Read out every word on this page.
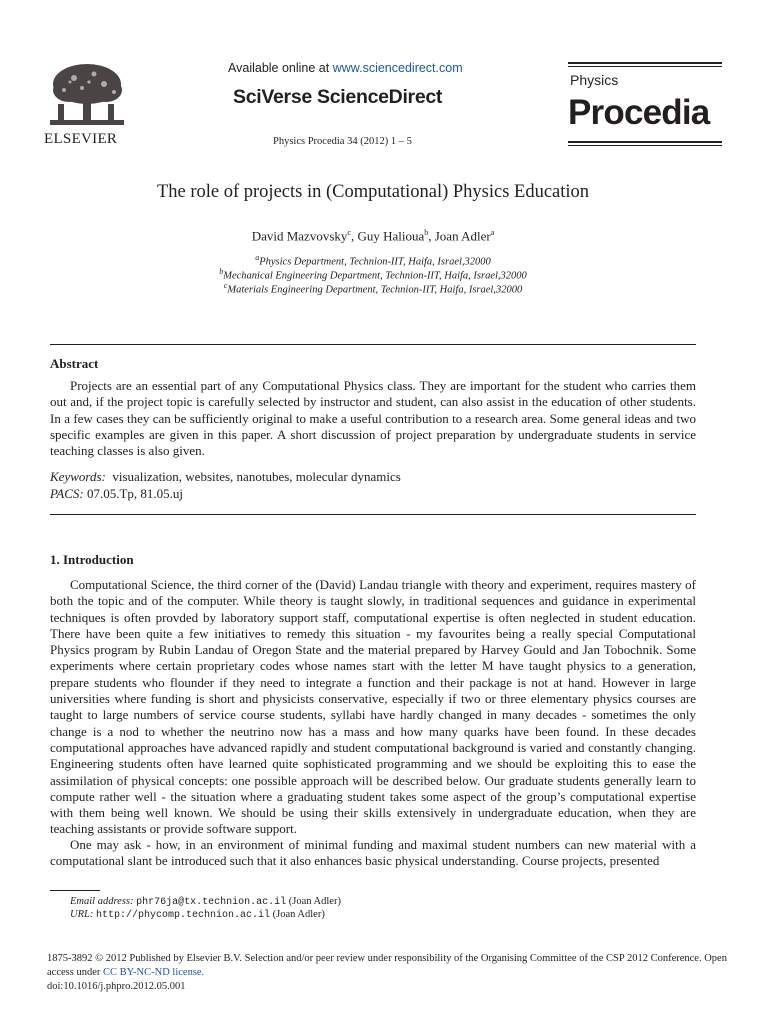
ELSEVIER
Available online at www.sciencedirect.com
SciVerse ScienceDirect
Physics Procedia 34 (2012) 1 – 5
Physics
Procedia
The role of projects in (Computational) Physics Education
David Mazvovsky$^c$, Guy Halioua$^b$, Joan Adler$^a$
$^a$Physics Department, Technion-IIT, Haifa, Israel,32000
$^b$Mechanical Engineering Department, Technion-IIT, Haifa, Israel,32000
$^c$Materials Engineering Department, Technion-IIT, Haifa, Israel,32000
Abstract

Projects are an essential part of any Computational Physics class. They are important for the student who carries them out and, if the project topic is carefully selected by instructor and student, can also assist in the education of other students. In a few cases they can be sufficiently original to make a useful contribution to a research area. Some general ideas and two specific examples are given in this paper. A short discussion of project preparation by undergraduate students in service teaching classes is also given.

Keywords: visualization, websites, nanotubes, molecular dynamics
PACS: 07.05.Tp, 81.05.uj
1. Introduction

Computational Science, the third corner of the (David) Landau triangle with theory and experiment, requires mastery of both the topic and of the computer. While theory is taught slowly, in traditional sequences and guidance in experimental techniques is often provded by laboratory support staff, computational expertise is often neglected in student education. There have been quite a few initiatives to remedy this situation - my favourites being a really special Computational Physics program by Rubin Landau of Oregon State and the material prepared by Harvey Gould and Jan Tobochnik. Some experiments where certain proprietary codes whose names start with the letter M have taught physics to a generation, prepare students who flounder if they need to integrate a function and their package is not at hand. However in large universities where funding is short and physicists conservative, especially if two or three elementary physics courses are taught to large numbers of service course students, syllabi have hardly changed in many decades - sometimes the only change is a nod to whether the neutrino now has a mass and how many quarks have been found. In these decades computational approaches have advanced rapidly and student computational background is varied and constantly changing. Engineering students often have learned quite sophisticated programming and we should be exploiting this to ease the assimilation of physical concepts: one possible approach will be described below. Our graduate students generally learn to compute rather well - the situation where a graduating student takes some aspect of the group’s computational expertise with them being well known. We should be using their skills extensively in undergraduate education, when they are teaching assistants or provide software support.

One may ask - how, in an environment of minimal funding and maximal student numbers can new material with a computational slant be introduced such that it also enhances basic physical understanding. Course projects, presented

Email address: phr76ja@tx.technion.ac.il (Joan Adler)
URL: http://phycomp.technion.ac.il (Joan Adler)
1875-3892 © 2012 Published by Elsevier B.V. Selection and/or peer review under responsibility of the Organising Committee of the CSP 2012 Conference. Open access under CC BY-NC-ND license.
doi:10.1016/j.phpro.2012.05.001
